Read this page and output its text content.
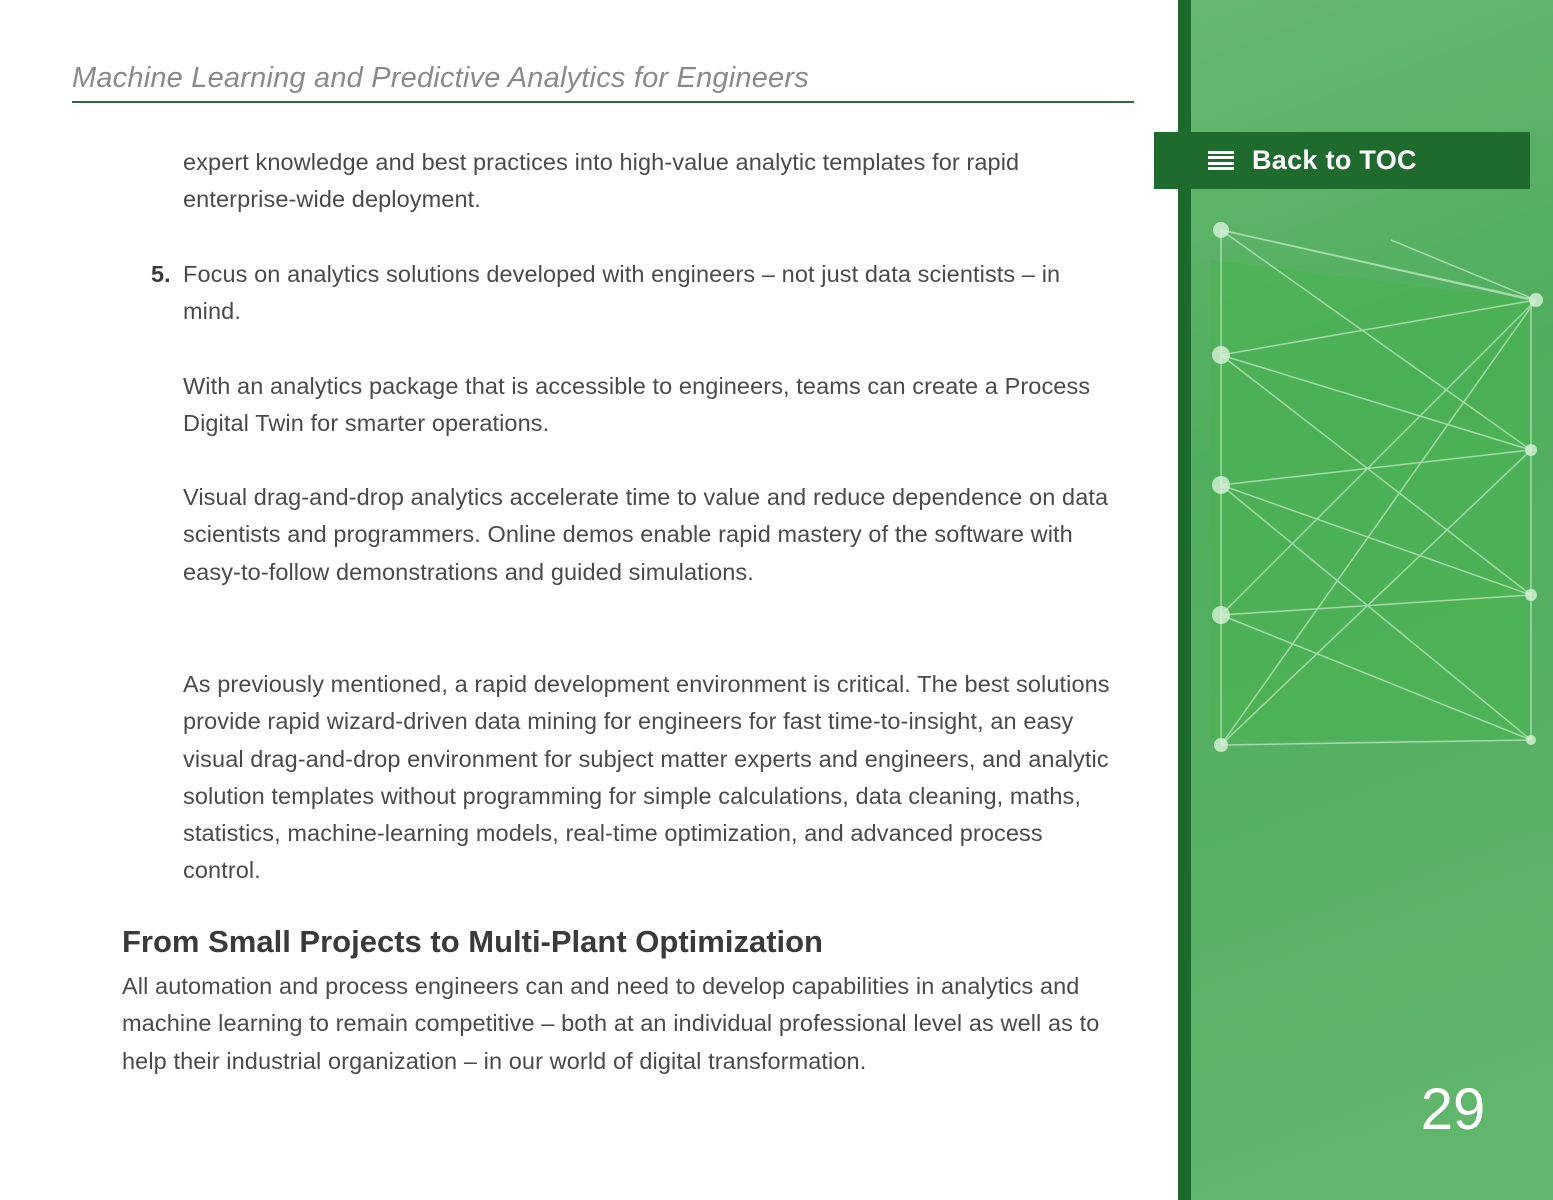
Machine Learning and Predictive Analytics for Engineers

expert knowledge and best practices into high-value analytic templates for rapid enterprise-wide deployment.

5. Focus on analytics solutions developed with engineers – not just data scientists – in mind.

With an analytics package that is accessible to engineers, teams can create a Process Digital Twin for smarter operations.

Visual drag-and-drop analytics accelerate time to value and reduce dependence on data scientists and programmers. Online demos enable rapid mastery of the software with easy-to-follow demonstrations and guided simulations.

As previously mentioned, a rapid development environment is critical. The best solutions provide rapid wizard-driven data mining for engineers for fast time-to-insight, an easy visual drag-and-drop environment for subject matter experts and engineers, and analytic solution templates without programming for simple calculations, data cleaning, maths, statistics, machine-learning models, real-time optimization, and advanced process control.

From Small Projects to Multi-Plant Optimization

All automation and process engineers can and need to develop capabilities in analytics and machine learning to remain competitive – both at an individual professional level as well as to help their industrial organization – in our world of digital transformation.

Back to TOC
29
